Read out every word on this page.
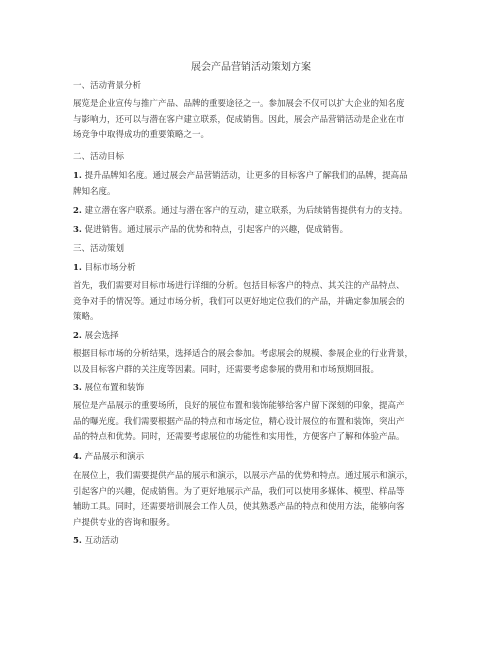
展会产品营销活动策划方案
一、活动背景分析
展览是企业宣传与推广产品、品牌的重要途径之一。参加展会不仅可以扩大企业的知名度
与影响力，还可以与潜在客户建立联系，促成销售。因此，展会产品营销活动是企业在市
场竞争中取得成功的重要策略之一。
二、活动目标
1. 提升品牌知名度。通过展会产品营销活动，让更多的目标客户了解我们的品牌，提高品
牌知名度。
2. 建立潜在客户联系。通过与潜在客户的互动，建立联系，为后续销售提供有力的支持。
3. 促进销售。通过展示产品的优势和特点，引起客户的兴趣，促成销售。
三、活动策划
1. 目标市场分析
首先，我们需要对目标市场进行详细的分析。包括目标客户的特点、其关注的产品特点、
竞争对手的情况等。通过市场分析，我们可以更好地定位我们的产品，并确定参加展会的
策略。
2. 展会选择
根据目标市场的分析结果，选择适合的展会参加。考虑展会的规模、参展企业的行业背景，
以及目标客户群的关注度等因素。同时，还需要考虑参展的费用和市场预期回报。
3. 展位布置和装饰
展位是产品展示的重要场所，良好的展位布置和装饰能够给客户留下深刻的印象，提高产
品的曝光度。我们需要根据产品的特点和市场定位，精心设计展位的布置和装饰，突出产
品的特点和优势。同时，还需要考虑展位的功能性和实用性，方便客户了解和体验产品。
4. 产品展示和演示
在展位上，我们需要提供产品的展示和演示，以展示产品的优势和特点。通过展示和演示，
引起客户的兴趣，促成销售。为了更好地展示产品，我们可以使用多媒体、模型、样品等
辅助工具。同时，还需要培训展会工作人员，使其熟悉产品的特点和使用方法，能够向客
户提供专业的咨询和服务。
5. 互动活动
